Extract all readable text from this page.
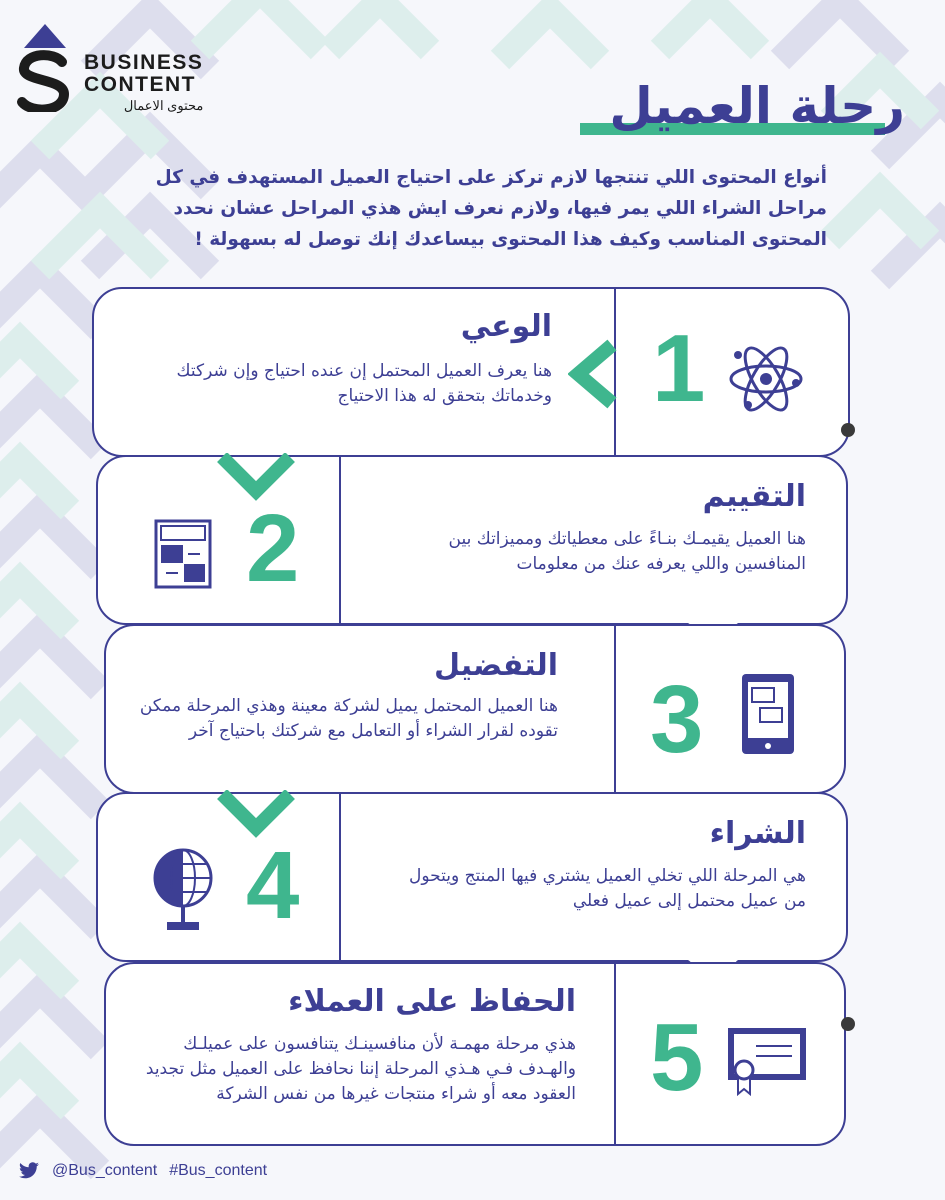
BUSINESS
CONTENT
محتوى الاعمال	رحلة العميل
أنواع المحتوى اللي تنتجها لازم تركز على احتياج العميل المستهدف في كل مراحل الشراء اللي يمر فيها، ولازم نعرف ايش هذي المراحل عشان نحدد المحتوى المناسب وكيف هذا المحتوى بيساعدك إنك توصل له بسهولة !
الوعي
هنا يعرف العميل المحتمل إن عنده احتياج وإن شركتك وخدماتك بتحقق له هذا الاحتياج 1
التقييم
هنا العميل يقيمـك بنـاءً على معطياتك ومميزاتك بين المنافسين واللي يعرفه عنك من معلومات
2
التفضيل
هنا العميل المحتمل يميل لشركة معينة وهذي المرحلة ممكن تقوده لقرار الشراء أو التعامل مع شركتك باحتياج آخر 3
الشراء
هي المرحلة اللي تخلي العميل يشتري فيها المنتج ويتحول من عميل محتمل إلى عميل فعلي
4
الحفاظ على العملاء
هذي مرحلة مهمـة لأن منافسينـك يتنافسون على عميلـك والهـدف فـي هـذي المرحلة إننا نحافظ على العميل مثل تجديد العقود معه أو شراء منتجات غيرها من نفس الشركة 5
@Bus_content #Bus_content
